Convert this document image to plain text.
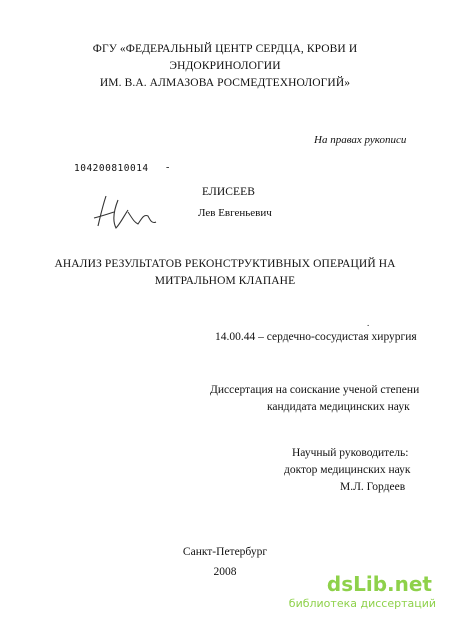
ФГУ «ФЕДЕРАЛЬНЫЙ ЦЕНТР СЕРДЦА, КРОВИ И
ЭНДОКРИНОЛОГИИ
ИМ. В.А. АЛМАЗОВА РОСМЕДТЕХНОЛОГИЙ»
На правах рукописи
104200810014 -
ЕЛИСЕЕВ
Лев Евгеньевич
АНАЛИЗ РЕЗУЛЬТАТОВ РЕКОНСТРУКТИВНЫХ ОПЕРАЦИЙ НА
МИТРАЛЬНОМ КЛАПАНЕ
.
14.00.44 – сердечно-сосудистая хирургия
Диссертация на соискание ученой степени
кандидата медицинских наук
Научный руководитель:
доктор медицинских наук
М.Л. Гордеев
Санкт-Петербург
2008	dsLib.net
библиотека диссертаций
